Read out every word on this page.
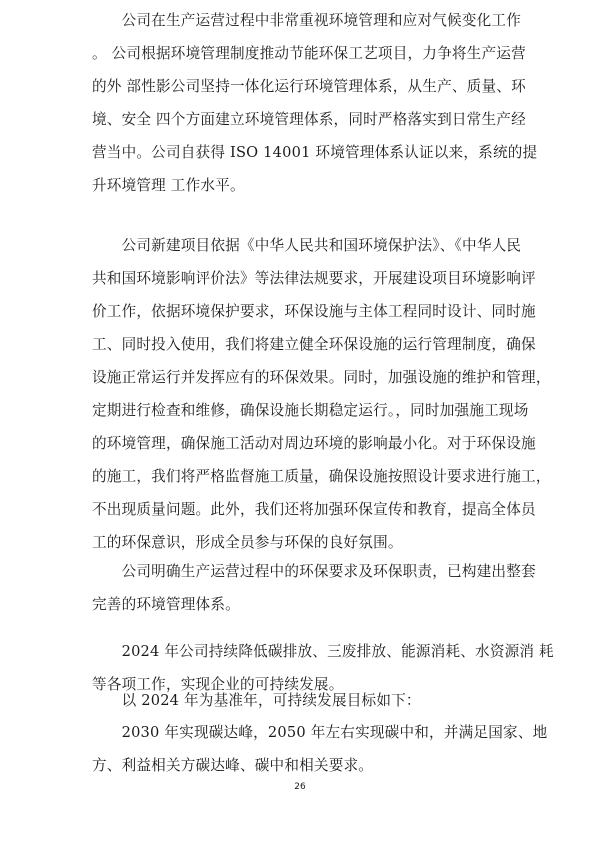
　　公司在生产运营过程中非常重视环境管理和应对气候变化工作
。 公司根据环境管理制度推动节能环保工艺项目，力争将生产运营
的外 部性影公司坚持一体化运行环境管理体系，从生产、质量、环
境、安全 四个方面建立环境管理体系，同时严格落实到日常生产经
营当中。公司自获得 ISO 14001 环境管理体系认证以来，系统的提
升环境管理 工作水平。
　　公司新建项目依据《中华人民共和国环境保护法》、《中华人民
共和国环境影响评价法》等法律法规要求，开展建设项目环境影响评
价工作，依据环境保护要求，环保设施与主体工程同时设计、同时施
工、同时投入使用，我们将建立健全环保设施的运行管理制度，确保
设施正常运行并发挥应有的环保效果。同时，加强设施的维护和管理，
定期进行检查和维修，确保设施长期稳定运行。，同时加强施工现场
的环境管理，确保施工活动对周边环境的影响最小化。对于环保设施
的施工，我们将严格监督施工质量，确保设施按照设计要求进行施工，
不出现质量问题。此外，我们还将加强环保宣传和教育，提高全体员
工的环保意识，形成全员参与环保的良好氛围。
　　公司明确生产运营过程中的环保要求及环保职责，已构建出整套
完善的环境管理体系。
　　2024 年公司持续降低碳排放、三废排放、能源消耗、水资源消 耗
等各项工作，实现企业的可持续发展。
　　以 2024 年为基准年，可持续发展目标如下：
　　2030 年实现碳达峰，2050 年左右实现碳中和，并满足国家、地
方、利益相关方碳达峰、碳中和相关要求。
26
